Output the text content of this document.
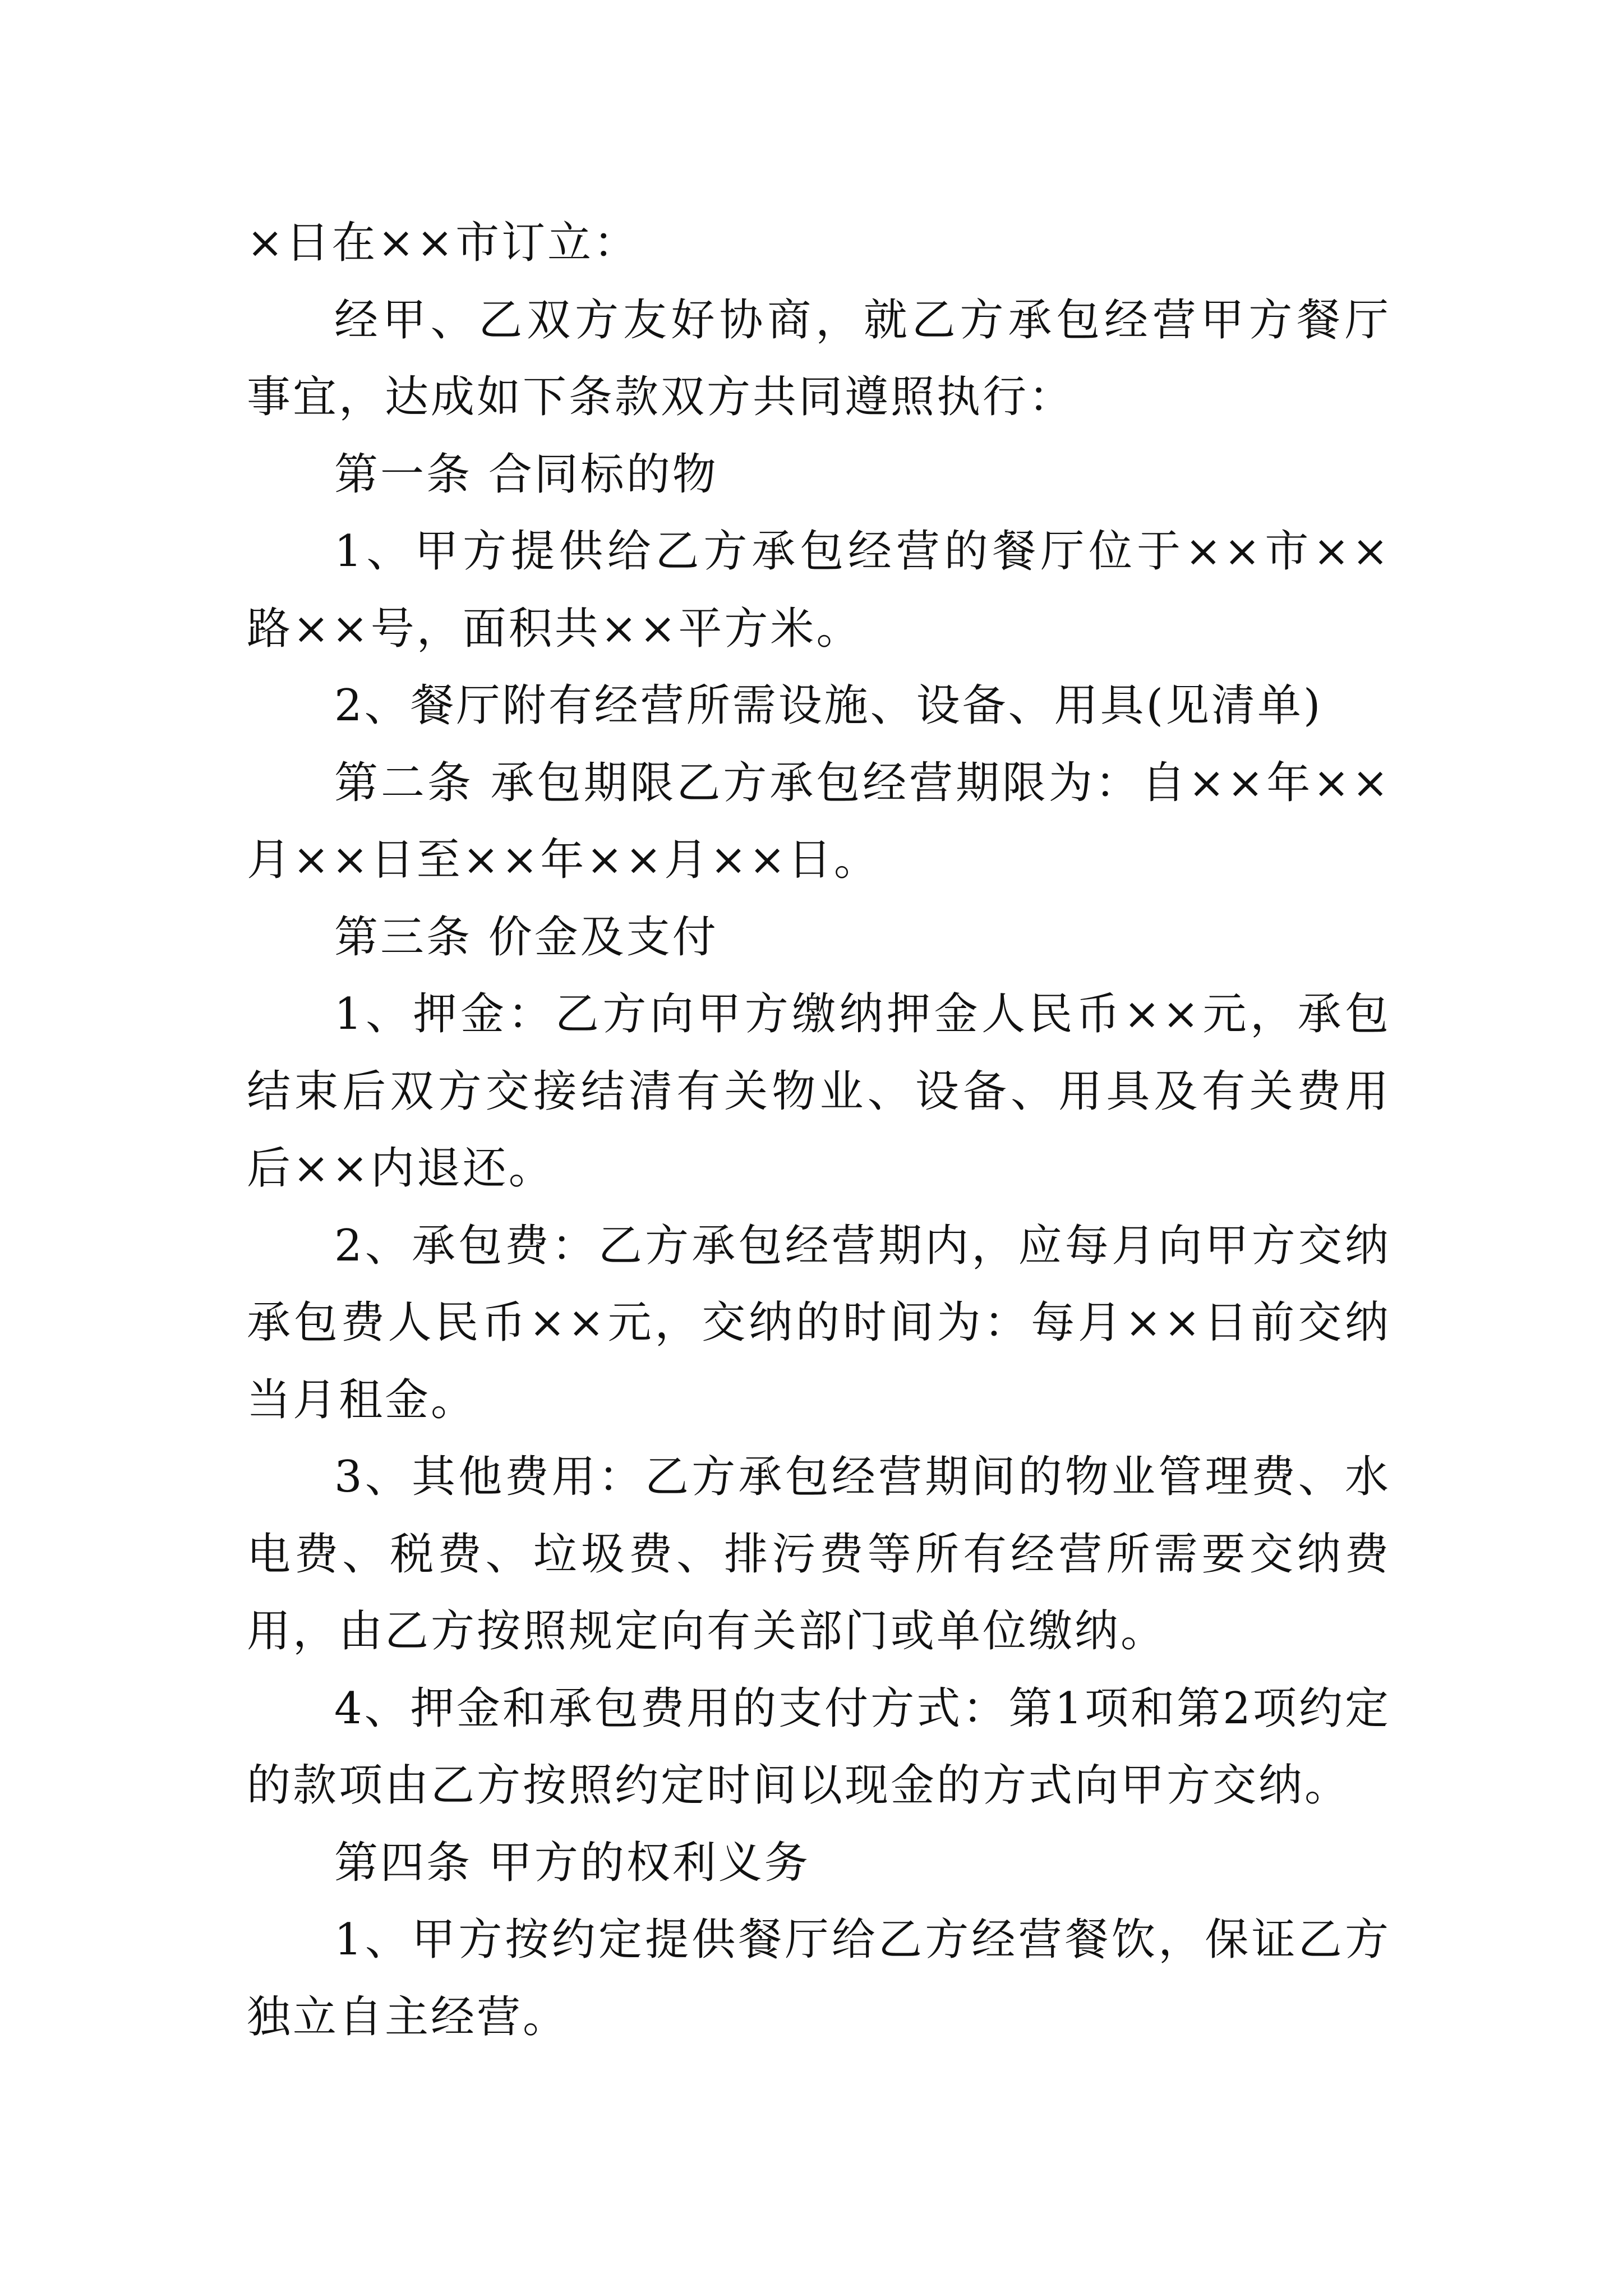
×日在××市订立：

经甲、乙双方友好协商，就乙方承包经营甲方餐厅事宜，达成如下条款双方共同遵照执行：

第一条 合同标的物

1、甲方提供给乙方承包经营的餐厅位于××市××路××号，面积共××平方米。

2、餐厅附有经营所需设施、设备、用具(见清单)

第二条 承包期限乙方承包经营期限为：自××年××月××日至××年××月××日。

第三条 价金及支付

1、押金：乙方向甲方缴纳押金人民币××元，承包结束后双方交接结清有关物业、设备、用具及有关费用后××内退还。

2、承包费：乙方承包经营期内，应每月向甲方交纳承包费人民币××元，交纳的时间为：每月××日前交纳当月租金。

3、其他费用：乙方承包经营期间的物业管理费、水电费、税费、垃圾费、排污费等所有经营所需要交纳费用，由乙方按照规定向有关部门或单位缴纳。

4、押金和承包费用的支付方式：第1项和第2项约定的款项由乙方按照约定时间以现金的方式向甲方交纳。

第四条 甲方的权利义务

1、甲方按约定提供餐厅给乙方经营餐饮，保证乙方独立自主经营。
